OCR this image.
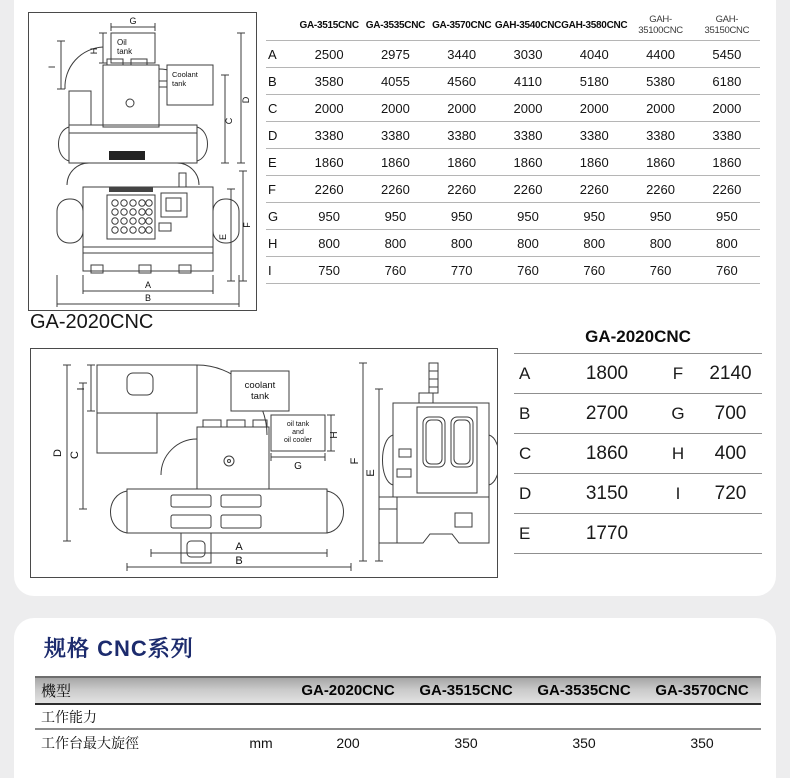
G
H
I
Oil
tank
Coolant
tank
C
D
E
F
A
B
	GA-3515CNC	GA-3535CNC	GA-3570CNC	GAH-3540CNC	GAH-3580CNC	GAH-35100CNC	GAH-35150CNC
A	2500	2975	3440	3030	4040	4400	5450
B	3580	4055	4560	4110	5180	5380	6180
C	2000	2000	2000	2000	2000	2000	2000
D	3380	3380	3380	3380	3380	3380	3380
E	1860	1860	1860	1860	1860	1860	1860
F	2260	2260	2260	2260	2260	2260	2260
G	950	950	950	950	950	950	950
H	800	800	800	800	800	800	800
I	750	760	770	760	760	760	760
GA-2020CNC
I
D C
coolant
tank
oil tank
and
oil cooler
H
G
A
B
F
E
GA-2020CNC
A	1800	F	2140
B	2700	G	700
C	1860	H	400
D	3150	I	720
E	1770
规格 CNC系列
機型		GA-2020CNC	GA-3515CNC	GA-3535CNC	GA-3570CNC
工作能力					
工作台最大旋徑	mm	200	350	350	350
